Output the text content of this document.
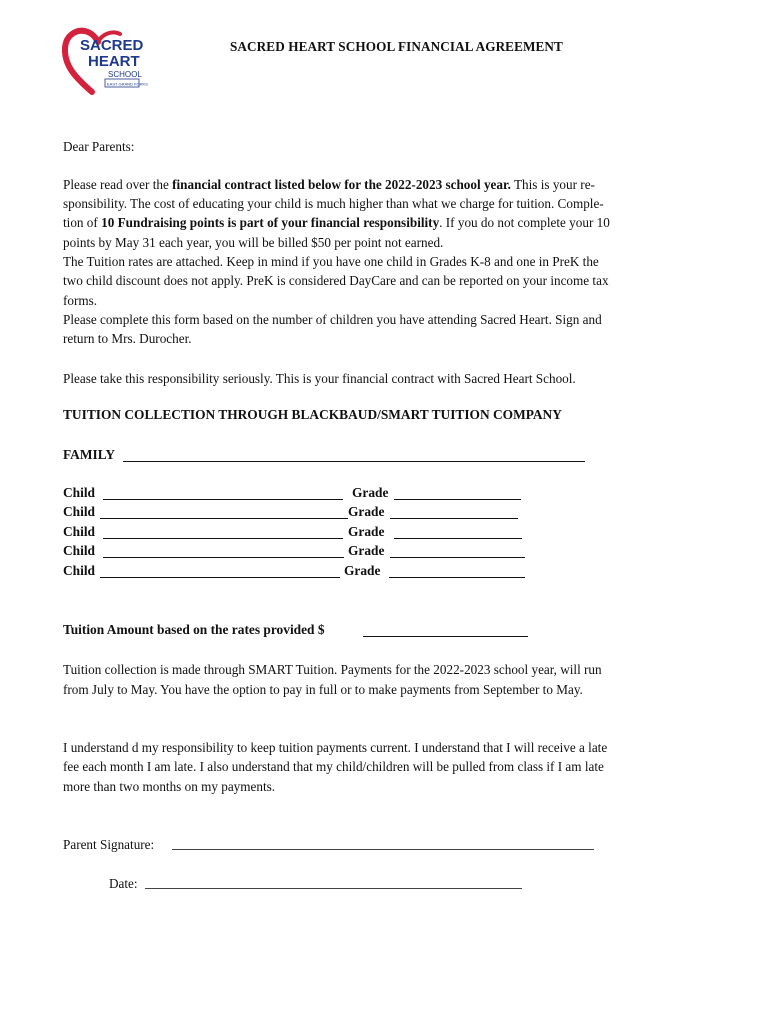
SACRED
HEART
SCHOOL
EAST GRAND FORKS
SACRED HEART SCHOOL FINANCIAL AGREEMENT
Dear Parents:
Please read over the financial contract listed below for the 2022-2023 school year. This is your re-
sponsibility. The cost of educating your child is much higher than what we charge for tuition. Comple-
tion of 10 Fundraising points is part of your financial responsibility. If you do not complete your 10
points by May 31 each year, you will be billed $50 per point not earned.
The Tuition rates are attached. Keep in mind if you have one child in Grades K-8 and one in PreK the
two child discount does not apply. PreK is considered DayCare and can be reported on your income tax
forms.
Please complete this form based on the number of children you have attending Sacred Heart. Sign and
return to Mrs. Durocher.
Please take this responsibility seriously. This is your financial contract with Sacred Heart School.
TUITION COLLECTION THROUGH BLACKBAUD/SMART TUITION COMPANY
FAMILY
Child	Grade
Child	Grade
Child	Grade
Child	Grade
Child	Grade
Tuition Amount based on the rates provided $
Tuition collection is made through SMART Tuition. Payments for the 2022-2023 school year, will run
from July to May. You have the option to pay in full or to make payments from September to May.
I understand d my responsibility to keep tuition payments current. I understand that I will receive a late
fee each month I am late. I also understand that my child/children will be pulled from class if I am late
more than two months on my payments.
Parent Signature:
Date:
